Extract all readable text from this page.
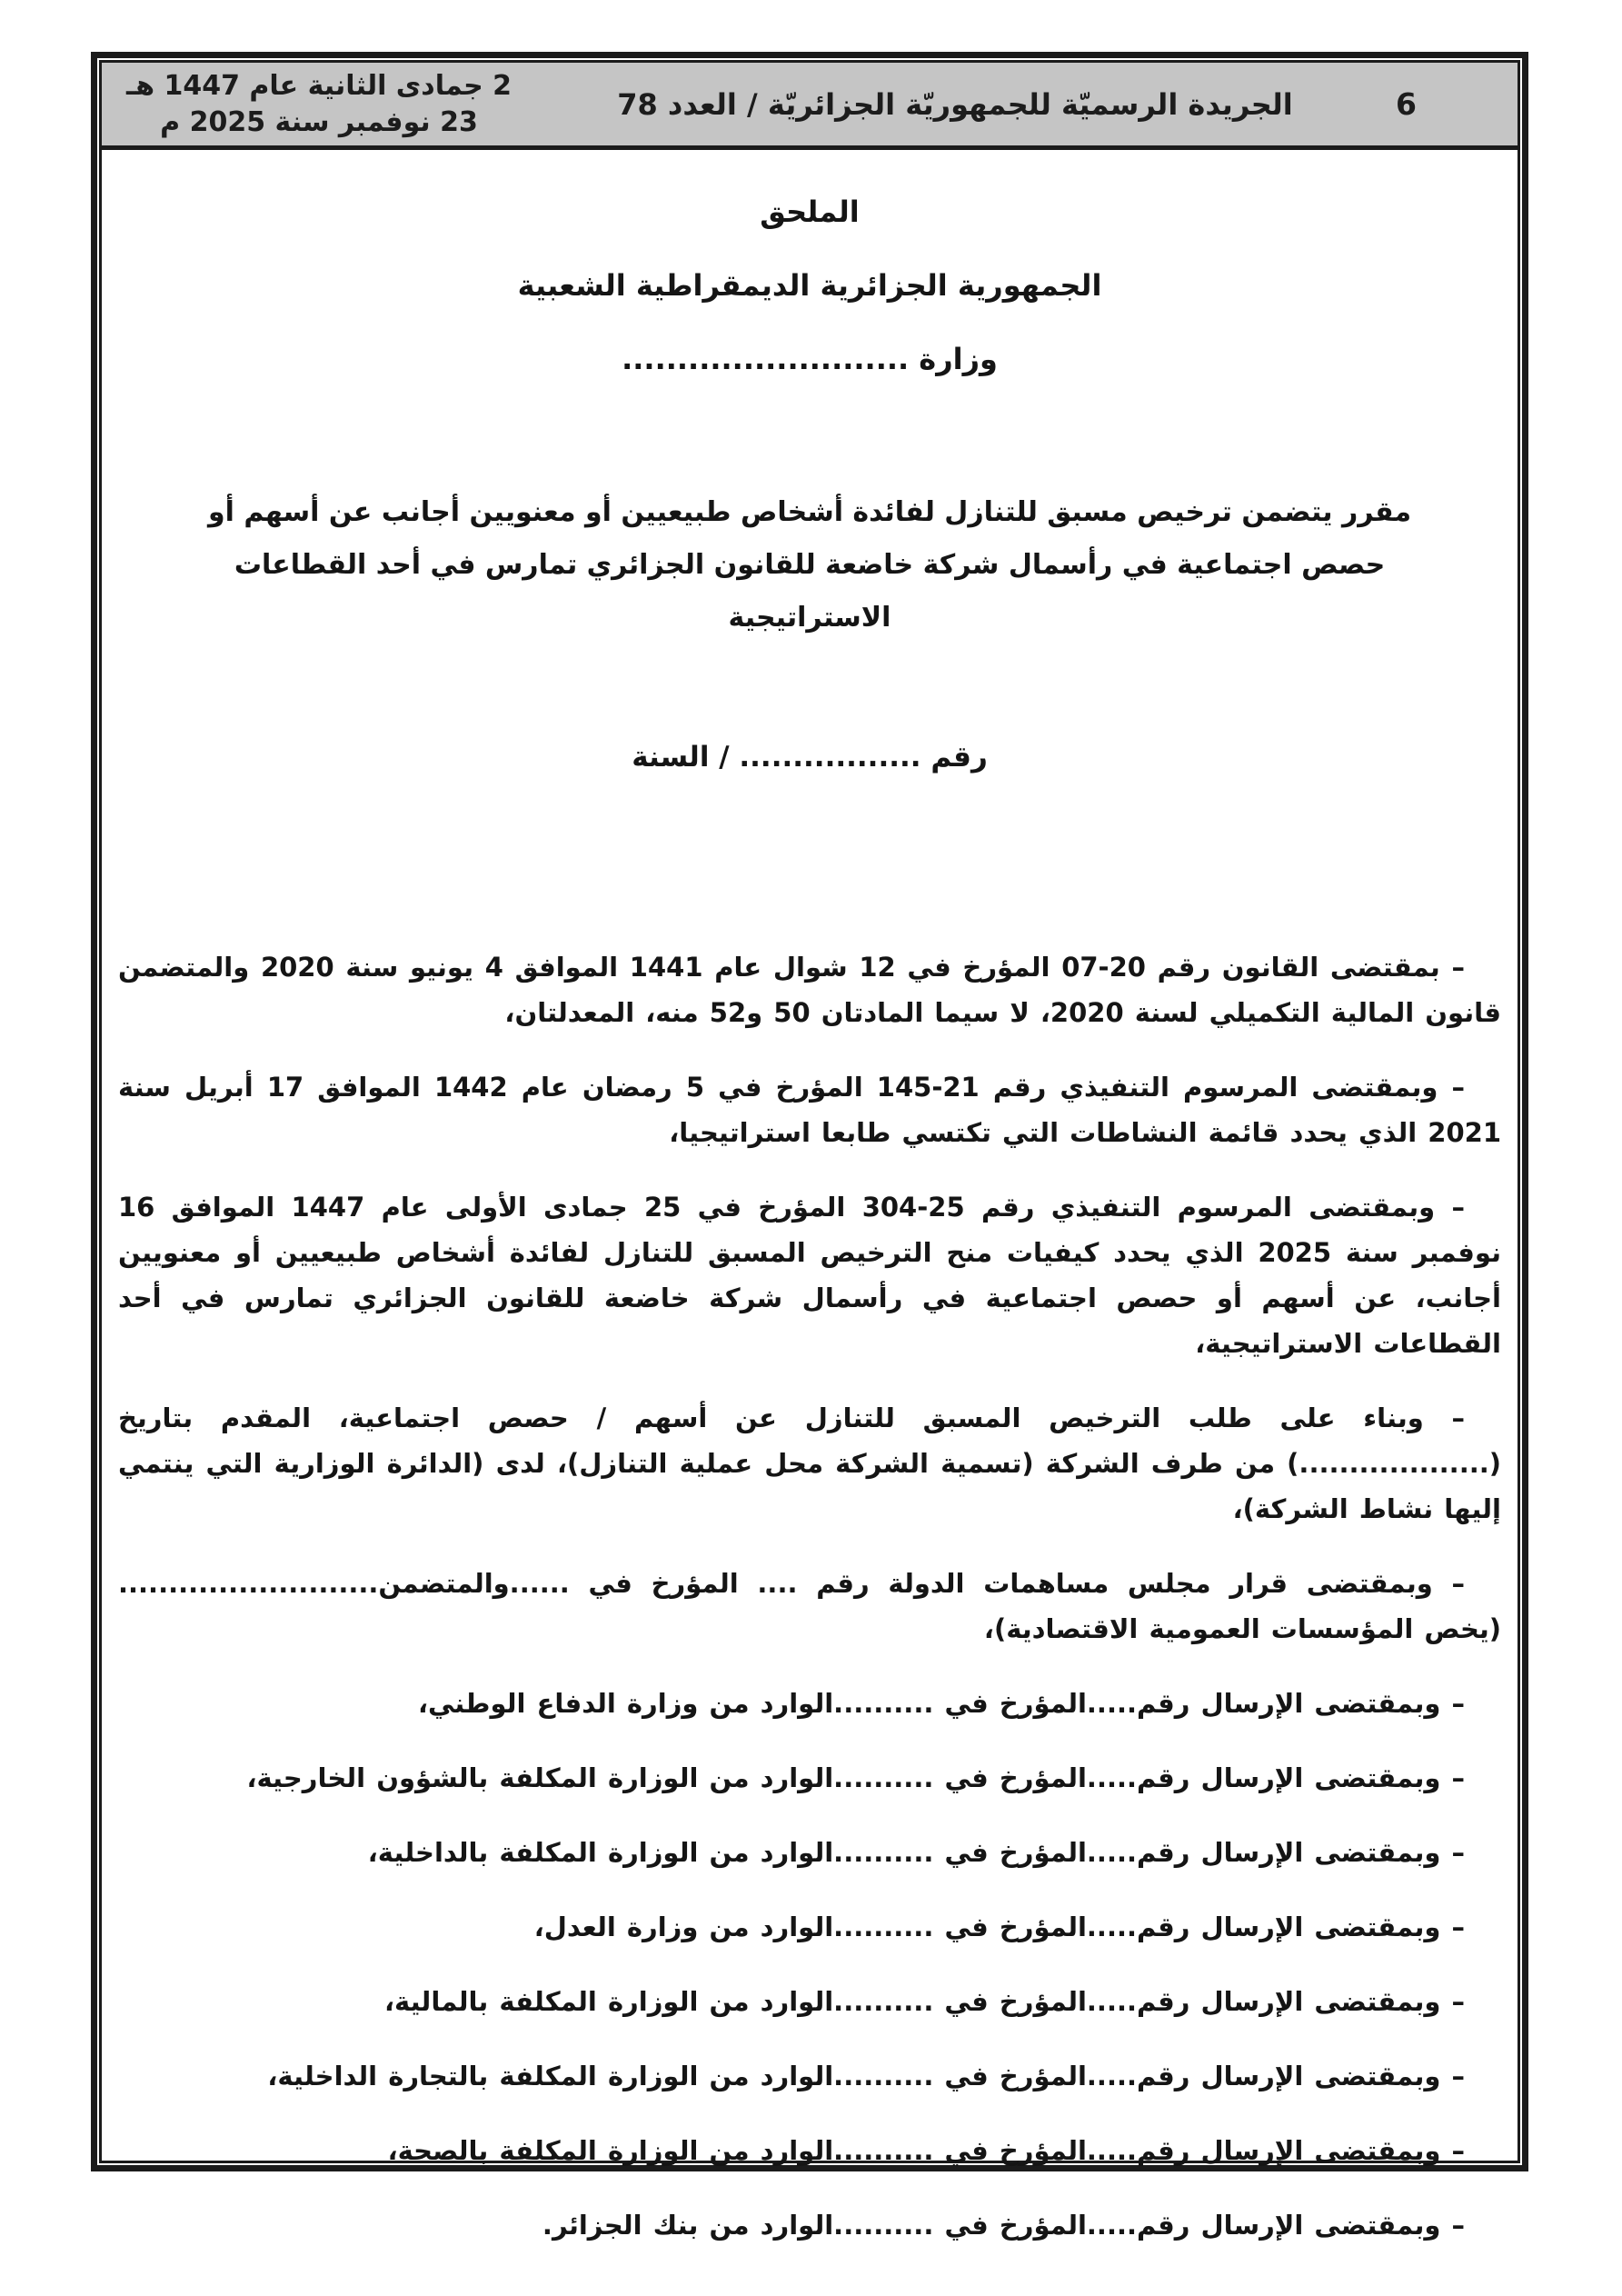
6
الجريدة الرسميّة للجمهوريّة الجزائريّة / العدد 78
2 جمادى الثانية عام 1447 هـ
23 نوفمبر سنة 2025 م

الملحق

الجمهورية الجزائرية الديمقراطية الشعبية

وزارة ..........................

مقرر يتضمن ترخيص مسبق للتنازل لفائدة أشخاص طبيعيين أو معنويين أجانب عن أسهم أو حصص اجتماعية في رأسمال شركة خاضعة للقانون الجزائري تمارس في أحد القطاعات الاستراتيجية

رقم ................. / السنة

– بمقتضى القانون رقم 20-07 المؤرخ في 12 شوال عام 1441 الموافق 4 يونيو سنة 2020 والمتضمن قانون المالية التكميلي لسنة 2020، لا سيما المادتان 50 و52 منه، المعدلتان،

– وبمقتضى المرسوم التنفيذي رقم 21-145 المؤرخ في 5 رمضان عام 1442 الموافق 17 أبريل سنة 2021 الذي يحدد قائمة النشاطات التي تكتسي طابعا استراتيجيا،

– وبمقتضى المرسوم التنفيذي رقم 25-304 المؤرخ في 25 جمادى الأولى عام 1447 الموافق 16 نوفمبر سنة 2025 الذي يحدد كيفيات منح الترخيص المسبق للتنازل لفائدة أشخاص طبيعيين أو معنويين أجانب، عن أسهم أو حصص اجتماعية في رأسمال شركة خاضعة للقانون الجزائري تمارس في أحد القطاعات الاستراتيجية،

– وبناء على طلب الترخيص المسبق للتنازل عن أسهم / حصص اجتماعية، المقدم بتاريخ (...................) من طرف الشركة (تسمية الشركة محل عملية التنازل)، لدى (الدائرة الوزارية التي ينتمي إليها نشاط الشركة)،

– وبمقتضى قرار مجلس مساهمات الدولة رقم .... المؤرخ في ......والمتضمن.......................... (يخص المؤسسات العمومية الاقتصادية)،

– وبمقتضى الإرسال رقم.....المؤرخ في ..........الوارد من وزارة الدفاع الوطني،

– وبمقتضى الإرسال رقم.....المؤرخ في ..........الوارد من الوزارة المكلفة بالشؤون الخارجية،

– وبمقتضى الإرسال رقم.....المؤرخ في ..........الوارد من الوزارة المكلفة بالداخلية،

– وبمقتضى الإرسال رقم.....المؤرخ في ..........الوارد من وزارة العدل،

– وبمقتضى الإرسال رقم.....المؤرخ في ..........الوارد من الوزارة المكلفة بالمالية،

– وبمقتضى الإرسال رقم.....المؤرخ في ..........الوارد من الوزارة المكلفة بالتجارة الداخلية،

– وبمقتضى الإرسال رقم.....المؤرخ في ..........الوارد من الوزارة المكلفة بالصحة،

– وبمقتضى الإرسال رقم.....المؤرخ في ..........الوارد من بنك الجزائر.
